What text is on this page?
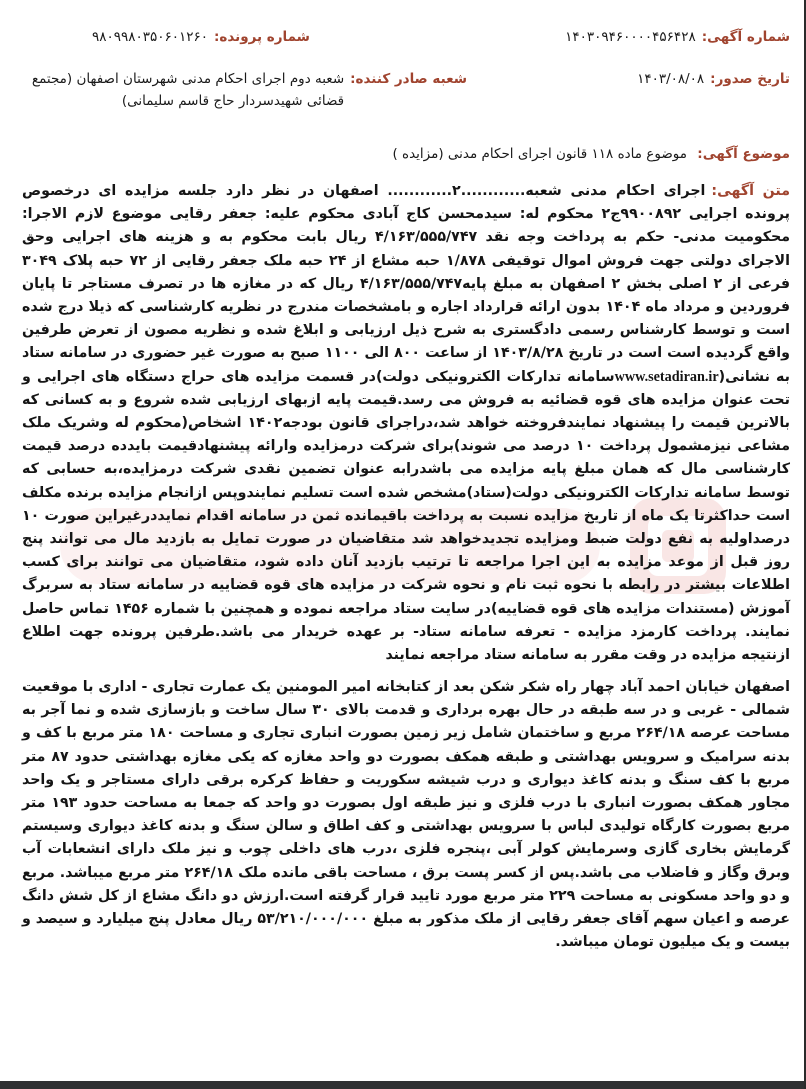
شماره آگهی:
۱۴۰۳۰۹۴۶۰۰۰۰۴۵۶۴۲۸
شماره پرونده:
۹۸۰۹۹۸۰۳۵۰۶۰۱۲۶۰
تاریخ صدور:
۱۴۰۳/۰۸/۰۸
شعبه صادر کننده:
شعبه دوم اجرای احکام مدنی شهرستان اصفهان (مجتمع قضائی شهیدسردار حاج قاسم سلیمانی)
موضوع آگهی: موضوع ماده ۱۱۸ قانون اجرای احکام مدنی (مزایده )
متن آگهی:اجرای احکام مدنی شعبه............۲............ اصفهان در نظر دارد جلسه مزایده ای درخصوص پرونده اجرایی ۹۹۰۰۸۹۲ج۲ محکوم له: سیدمحسن کاج آبادی محکوم علیه: جعفر رقایی موضوع لازم الاجرا: محکومیت مدنی- حکم به پرداخت وجه نقد ۴/۱۶۳/۵۵۵/۷۴۷ ریال بابت محکوم به و هزینه های اجرایی وحق الاجرای دولتی جهت فروش اموال توقیفی ۱/۸۷۸ حبه مشاع از ۲۴ حبه ملک جعفر رقایی از ۷۲ حبه پلاک ۳۰۴۹ فرعی از ۲ اصلی بخش ۲ اصفهان به مبلغ پایه۴/۱۶۳/۵۵۵/۷۴۷ ریال که در مغازه ها در تصرف مستاجر تا پایان فروردین و مرداد ماه ۱۴۰۴ بدون ارائه قرارداد اجاره و بامشخصات مندرج در نظریه کارشناسی که ذیلا درج شده است و توسط کارشناس رسمی دادگستری به شرح ذیل ارزیابی و ابلاغ شده و نظریه مصون از تعرض طرفین واقع گردیده است است در تاریخ ۱۴۰۳/۸/۲۸ از ساعت ۸۰۰ الی ۱۱۰۰ صبح به صورت غیر حضوری در سامانه ستاد به نشانی(www.setadiran.irسامانه تدارکات الکترونیکی دولت)در قسمت مزایده های حراج دستگاه های اجرایی و تحت عنوان مزایده های قوه قضائیه به فروش می رسد.قیمت پایه ازبهای ارزیابی شده شروع و به کسانی که بالاترین قیمت را پیشنهاد نمایندفروخته خواهد شد،دراجرای قانون بودجه۱۴۰۲ اشخاص(محکوم له وشریک ملک مشاعی نیزمشمول پرداخت ۱۰ درصد می شوند)برای شرکت درمزایده وارائه پیشنهادقیمت بایدده درصد قیمت کارشناسی مال که همان مبلغ پایه مزایده می باشدرابه عنوان تضمین نقدی شرکت درمزایده،به حسابی که توسط سامانه تدارکات الکترونیکی دولت(ستاد)مشخص شده است تسلیم نمایندوپس ازانجام مزایده برنده مکلف است حداکثرتا یک ماه از تاریخ مزایده نسبت به پرداخت باقیمانده ثمن در سامانه اقدام نمایددرغیراین صورت ۱۰ درصداولیه به نفع دولت ضبط ومزایده تجدیدخواهد شد متقاضیان در صورت تمایل به بازدید مال می توانند پنج روز قبل از موعد مزایده به این اجرا مراجعه تا ترتیب بازدید آنان داده شود، متقاضیان می توانند برای کسب اطلاعات بیشتر در رابطه با نحوه ثبت نام و نحوه شرکت در مزایده های قوه قضاییه در سامانه ستاد به سربرگ آموزش (مستندات مزایده های قوه قضاییه)در سایت ستاد مراجعه نموده و همچنین با شماره ۱۴۵۶ تماس حاصل نمایند. پرداخت کارمزد مزایده - تعرفه سامانه ستاد- بر عهده خریدار می باشد.طرفین پرونده جهت اطلاع ازنتیجه مزایده در وقت مقرر به سامانه ستاد مراجعه نمایند
اصفهان خیابان احمد آباد چهار راه شکر شکن بعد از کتابخانه امیر المومنین یک عمارت تجاری - اداری با موقعیت شمالی - غربی و در سه طبقه در حال بهره برداری و قدمت بالای ۳۰ سال ساخت و بازسازی شده و نما آجر به مساحت عرصه ۲۶۴/۱۸ مربع و ساختمان شامل زیر زمین بصورت انباری تجاری و مساحت ۱۸۰ متر مربع با کف و بدنه سرامیک و سرویس بهداشتی و طبقه همکف بصورت دو واحد مغازه که یکی مغازه بهداشتی حدود ۸۷ متر مربع با کف سنگ و بدنه کاغذ دیواری و درب شیشه سکوریت و حفاظ کرکره برقی دارای مستاجر و یک واحد مجاور همکف بصورت انباری با درب فلزی و نیز طبقه اول بصورت دو واحد که جمعا به مساحت حدود ۱۹۳ متر مربع بصورت کارگاه تولیدی لباس با سرویس بهداشتی و کف اطاق و سالن سنگ و بدنه کاغذ دیواری وسیستم گرمایش بخاری گازی وسرمایش کولر آبی ،پنجره فلزی ،درب های داخلی چوب و نیز ملک دارای انشعابات آب وبرق وگاز و فاضلاب می باشد.پس از کسر پست برق ، مساحت باقی مانده ملک ۲۶۴/۱۸ متر مربع میباشد. مربع و دو واحد مسکونی به مساحت ۲۲۹ متر مربع مورد تایید قرار گرفته است.ارزش دو دانگ مشاع از کل شش دانگ عرصه و اعیان سهم آقای جعفر رقایی از ملک مذکور به مبلغ ۵۳/۲۱۰/۰۰۰/۰۰۰ ریال معادل پنج میلیارد و سیصد و بیست و یک میلیون تومان میباشد.
